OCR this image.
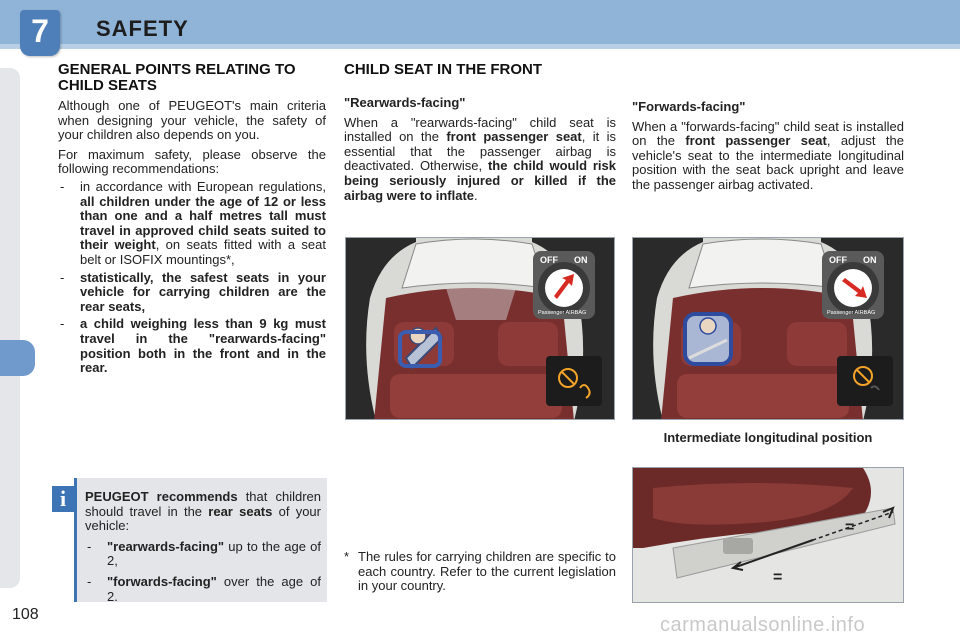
7	SAFETY
GENERAL POINTS RELATING TO CHILD SEATS

Although one of PEUGEOT's main criteria when designing your vehicle, the safety of your children also depends on you.

For maximum safety, please observe the following recommendations:

- in accordance with European regulations, all children under the age of 12 or less than one and a half metres tall must travel in approved child seats suited to their weight, on seats fitted with a seat belt or ISOFIX mountings*,
- statistically, the safest seats in your vehicle for carrying children are the rear seats,
- a child weighing less than 9 kg must travel in the "rearwards-facing" position both in the front and in the rear.
CHILD SEAT IN THE FRONT

"Rearwards-facing"

When a "rearwards-facing" child seat is installed on the front passenger seat, it is essential that the passenger airbag is deactivated. Otherwise, the child would risk being seriously injured or killed if the airbag were to inflate.

"Forwards-facing"

When a "forwards-facing" child seat is installed on the front passenger seat, adjust the vehicle's seat to the intermediate longitudinal position with the seat back upright and leave the passenger airbag activated.

OFF ON
Passenger AIRBAG
OFF ON
Passenger AIRBAG
Intermediate longitudinal position
=
=
* The rules for carrying children are specific to each country. Refer to the current legislation in your country.
i	PEUGEOT recommends that children should travel in the rear seats of your vehicle:

- "rearwards-facing" up to the age of 2,
- "forwards-facing" over the age of 2.
108	carmanualsonline.info
